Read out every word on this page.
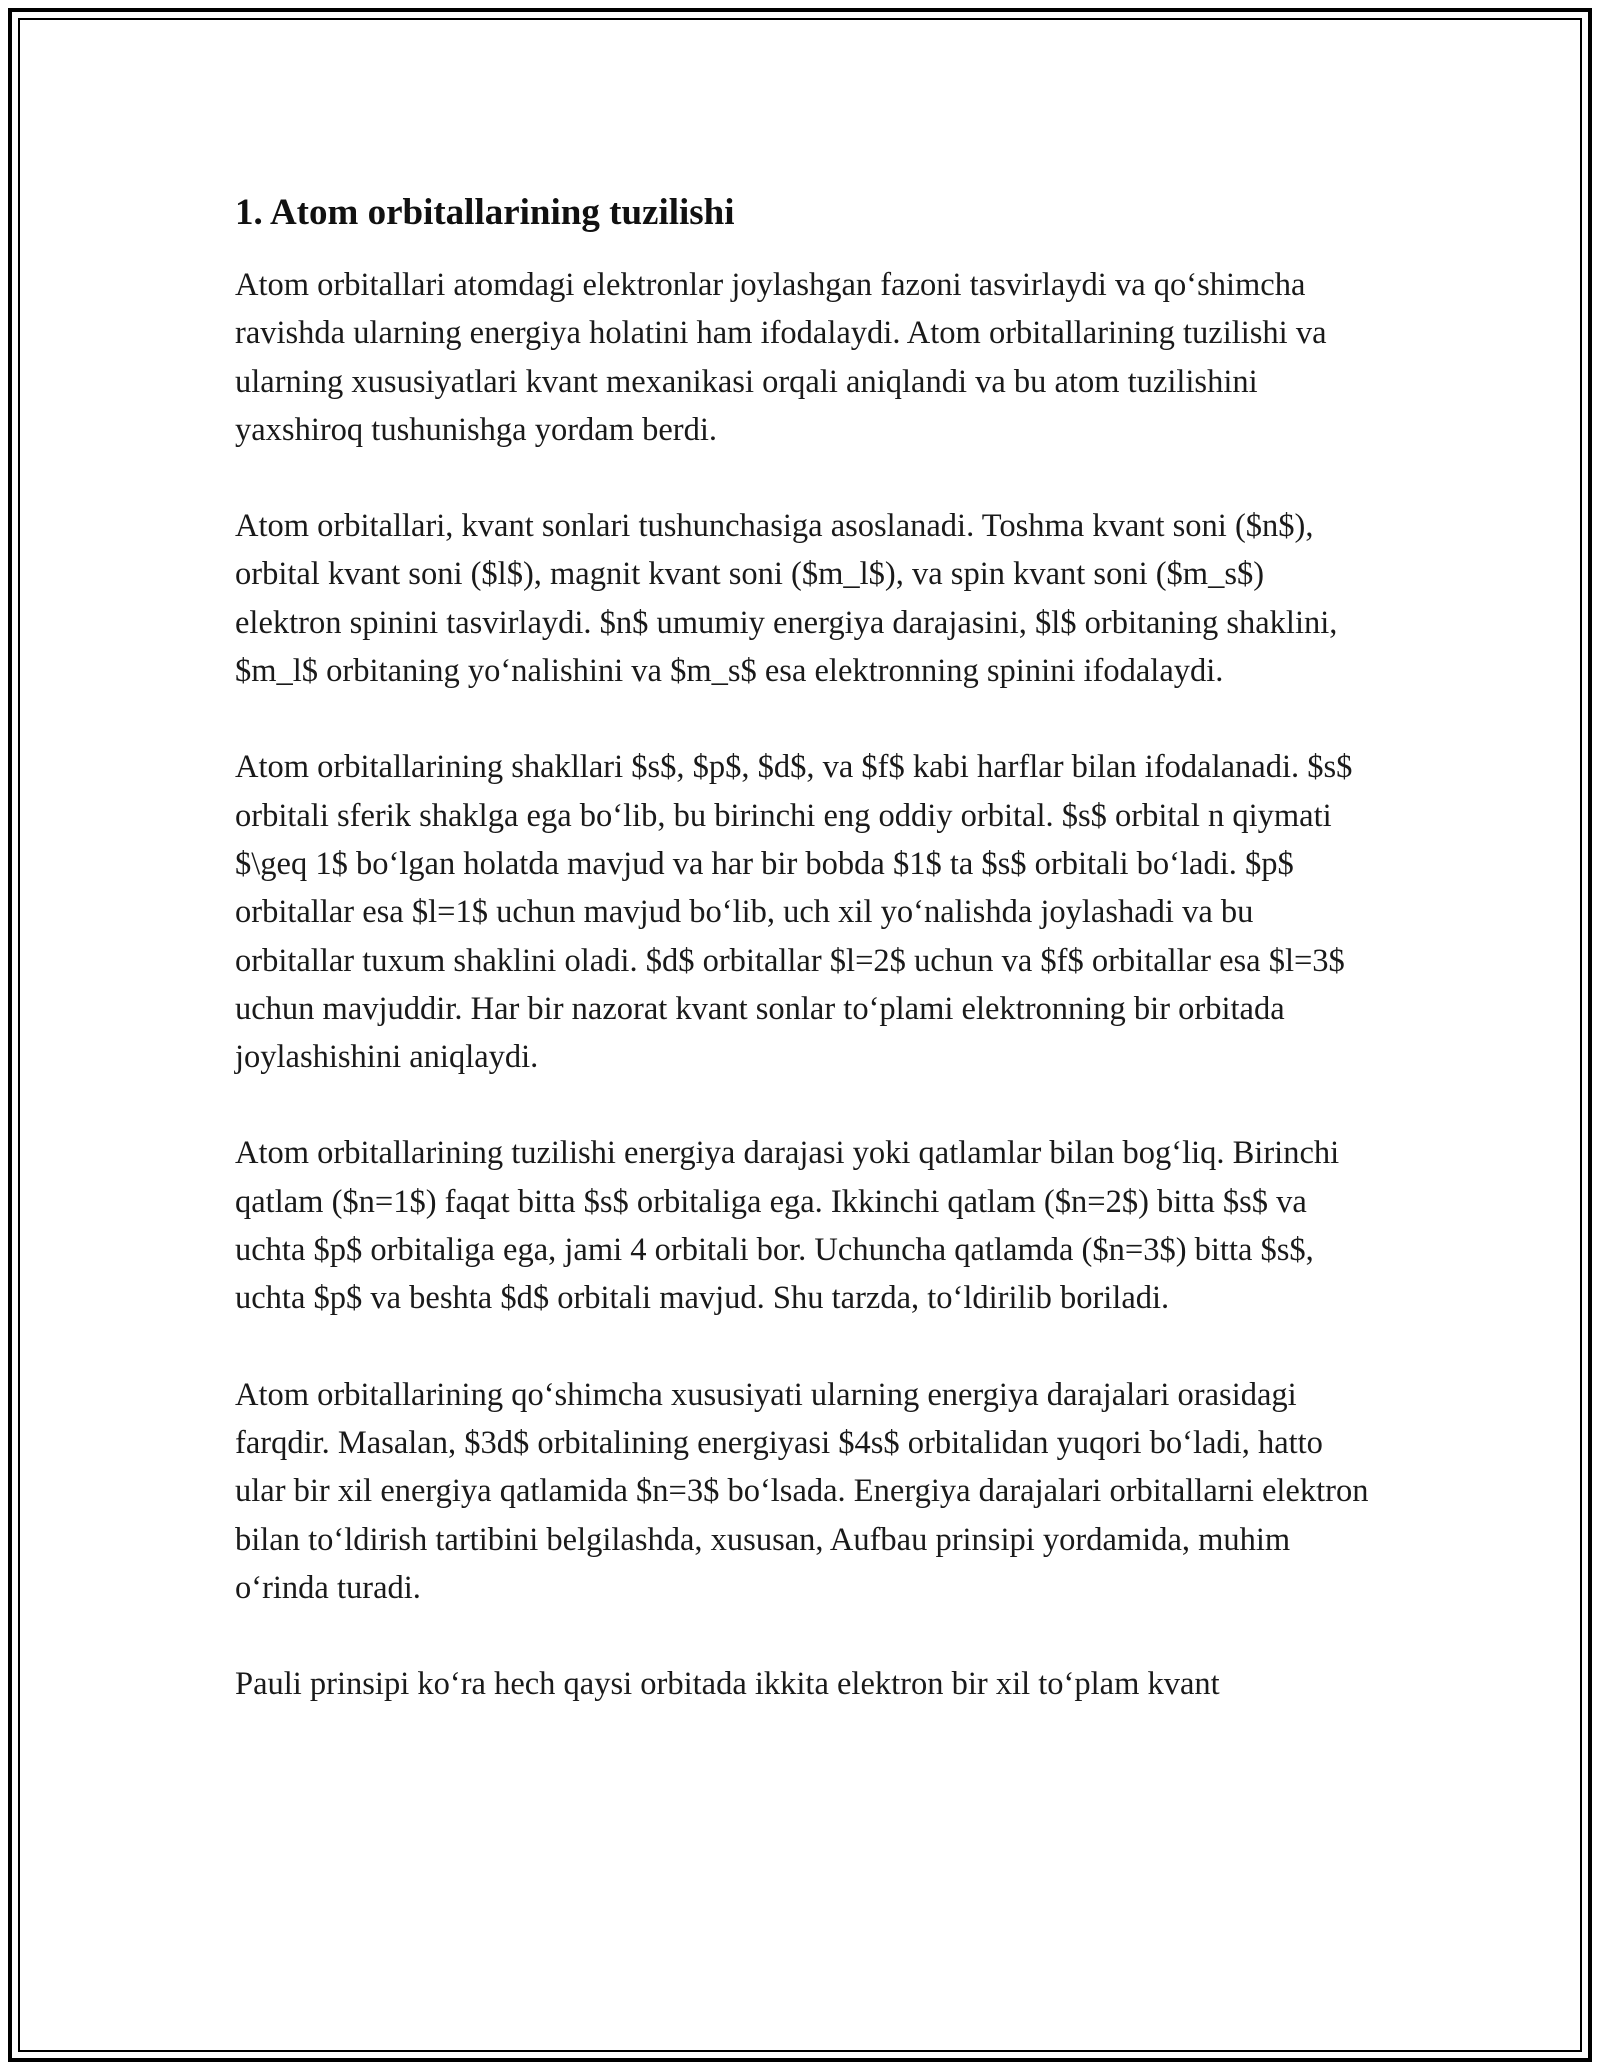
1. Atom orbitallarining tuzilishi

Atom orbitallari atomdagi elektronlar joylashgan fazoni tasvirlaydi va qo‘shimcha ravishda ularning energiya holatini ham ifodalaydi. Atom orbitallarining tuzilishi va ularning xususiyatlari kvant mexanikasi orqali aniqlandi va bu atom tuzilishini yaxshiroq tushunishga yordam berdi.

Atom orbitallari, kvant sonlari tushunchasiga asoslanadi. Toshma kvant soni ($n$), orbital kvant soni ($l$), magnit kvant soni ($m_l$), va spin kvant soni ($m_s$) elektron spinini tasvirlaydi. $n$ umumiy energiya darajasini, $l$ orbitaning shaklini, $m_l$ orbitaning yo‘nalishini va $m_s$ esa elektronning spinini ifodalaydi.

Atom orbitallarining shakllari $s$, $p$, $d$, va $f$ kabi harflar bilan ifodalanadi. $s$ orbitali sferik shaklga ega bo‘lib, bu birinchi eng oddiy orbital. $s$ orbital n qiymati $\geq 1$ bo‘lgan holatda mavjud va har bir bobda $1$ ta $s$ orbitali bo‘ladi. $p$ orbitallar esa $l=1$ uchun mavjud bo‘lib, uch xil yo‘nalishda joylashadi va bu orbitallar tuxum shaklini oladi. $d$ orbitallar $l=2$ uchun va $f$ orbitallar esa $l=3$ uchun mavjuddir. Har bir nazorat kvant sonlar to‘plami elektronning bir orbitada joylashishini aniqlaydi.

Atom orbitallarining tuzilishi energiya darajasi yoki qatlamlar bilan bog‘liq. Birinchi qatlam ($n=1$) faqat bitta $s$ orbitaliga ega. Ikkinchi qatlam ($n=2$) bitta $s$ va uchta $p$ orbitaliga ega, jami 4 orbitali bor. Uchuncha qatlamda ($n=3$) bitta $s$, uchta $p$ va beshta $d$ orbitali mavjud. Shu tarzda, to‘ldirilib boriladi.

Atom orbitallarining qo‘shimcha xususiyati ularning energiya darajalari orasidagi farqdir. Masalan, $3d$ orbitalining energiyasi $4s$ orbitalidan yuqori bo‘ladi, hatto ular bir xil energiya qatlamida $n=3$ bo‘lsada. Energiya darajalari orbitallarni elektron bilan to‘ldirish tartibini belgilashda, xususan, Aufbau prinsipi yordamida, muhim o‘rinda turadi.

Pauli prinsipi ko‘ra hech qaysi orbitada ikkita elektron bir xil to‘plam kvant
